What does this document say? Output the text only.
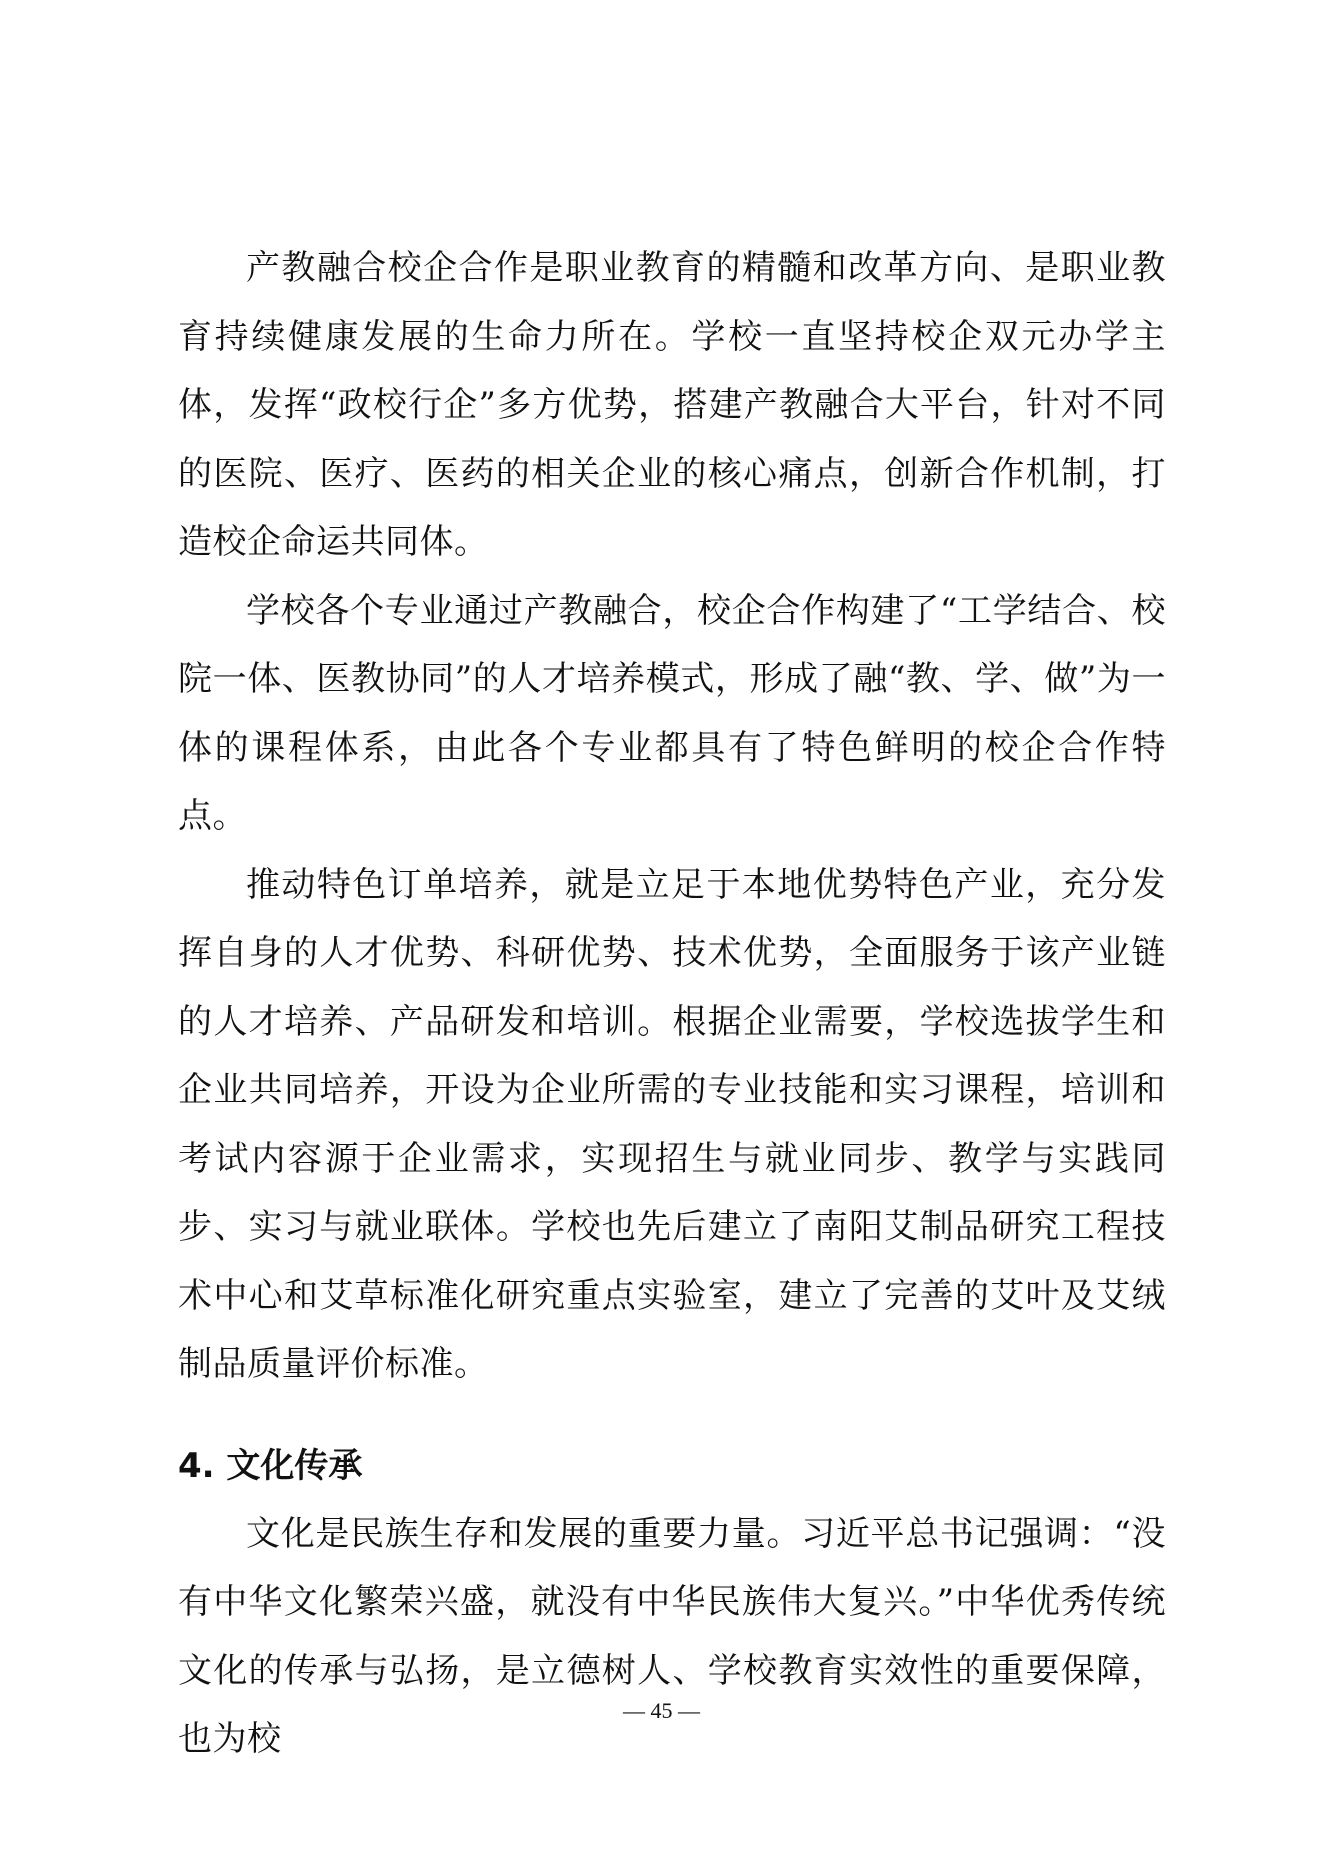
产教融合校企合作是职业教育的精髓和改革方向、是职业教育持续健康发展的生命力所在。学校一直坚持校企双元办学主体，发挥“政校行企”多方优势，搭建产教融合大平台，针对不同的医院、医疗、医药的相关企业的核心痛点，创新合作机制，打造校企命运共同体。

学校各个专业通过产教融合，校企合作构建了“工学结合、校院一体、医教协同”的人才培养模式，形成了融“教、学、做”为一体的课程体系，由此各个专业都具有了特色鲜明的校企合作特点。

推动特色订单培养，就是立足于本地优势特色产业，充分发挥自身的人才优势、科研优势、技术优势，全面服务于该产业链的人才培养、产品研发和培训。根据企业需要，学校选拔学生和企业共同培养，开设为企业所需的专业技能和实习课程，培训和考试内容源于企业需求，实现招生与就业同步、教学与实践同步、实习与就业联体。学校也先后建立了南阳艾制品研究工程技术中心和艾草标准化研究重点实验室，建立了完善的艾叶及艾绒制品质量评价标准。

4. 文化传承

文化是民族生存和发展的重要力量。习近平总书记强调：“没有中华文化繁荣兴盛，就没有中华民族伟大复兴。”中华优秀传统文化的传承与弘扬，是立德树人、学校教育实效性的重要保障，也为校

— 45 —
